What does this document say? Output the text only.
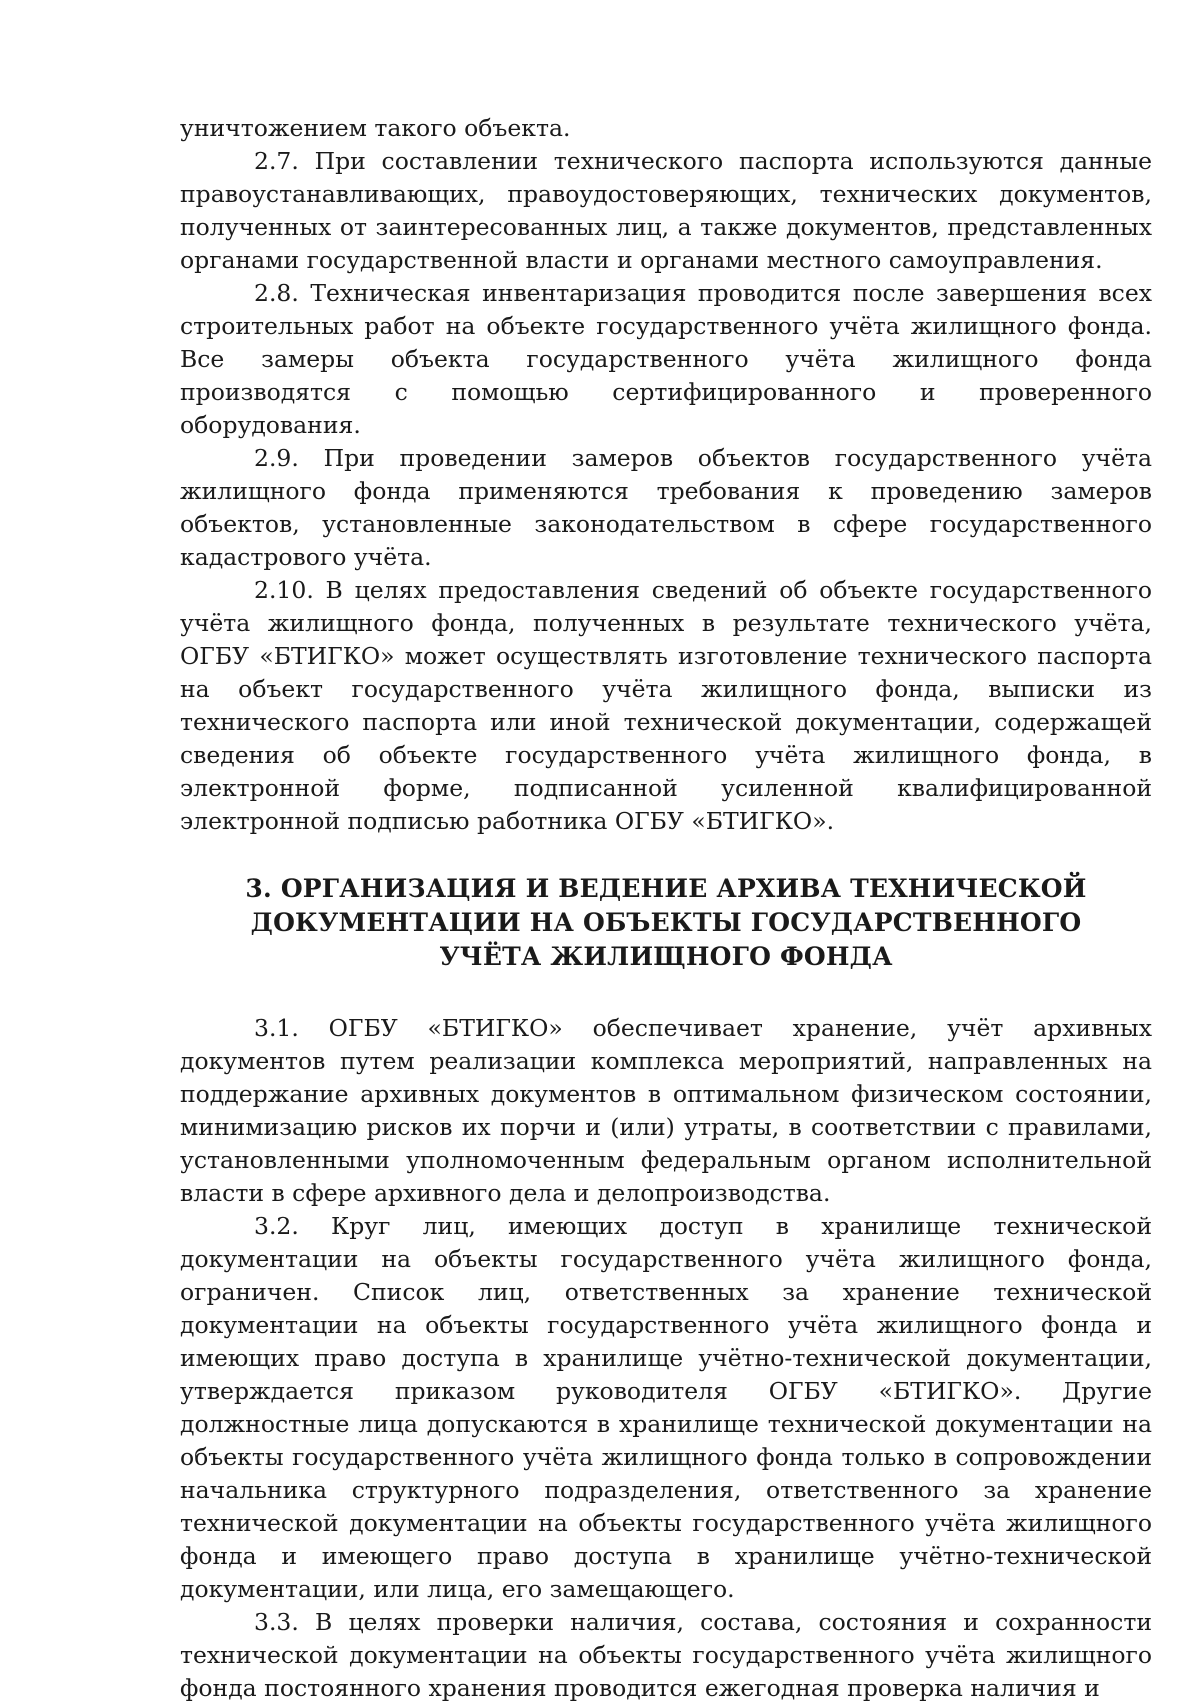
уничтожением такого объекта.

2.7. При составлении технического паспорта используются данные правоустанавливающих, правоудостоверяющих, технических документов, полученных от заинтересованных лиц, а также документов, представленных органами государственной власти и органами местного самоуправления.

2.8. Техническая инвентаризация проводится после завершения всех строительных работ на объекте государственного учёта жилищного фонда. Все замеры объекта государственного учёта жилищного фонда производятся с помощью сертифицированного и проверенного оборудования.

2.9. При проведении замеров объектов государственного учёта жилищного фонда применяются требования к проведению замеров объектов, установленные законодательством в сфере государственного кадастрового учёта.

2.10. В целях предоставления сведений об объекте государственного учёта жилищного фонда, полученных в результате технического учёта, ОГБУ «БТИГКО» может осуществлять изготовление технического паспорта на объект государственного учёта жилищного фонда, выписки из технического паспорта или иной технической документации, содержащей сведения об объекте государственного учёта жилищного фонда, в электронной форме, подписанной усиленной квалифицированной электронной подписью работника ОГБУ «БТИГКО».

3. ОРГАНИЗАЦИЯ И ВЕДЕНИЕ АРХИВА ТЕХНИЧЕСКОЙ ДОКУМЕНТАЦИИ НА ОБЪЕКТЫ ГОСУДАРСТВЕННОГО УЧЁТА ЖИЛИЩНОГО ФОНДА

3.1. ОГБУ «БТИГКО» обеспечивает хранение, учёт архивных документов путем реализации комплекса мероприятий, направленных на поддержание архивных документов в оптимальном физическом состоянии, минимизацию рисков их порчи и (или) утраты, в соответствии с правилами, установленными уполномоченным федеральным органом исполнительной власти в сфере архивного дела и делопроизводства.

3.2. Круг лиц, имеющих доступ в хранилище технической документации на объекты государственного учёта жилищного фонда, ограничен. Список лиц, ответственных за хранение технической документации на объекты государственного учёта жилищного фонда и имеющих право доступа в хранилище учётно-технической документации, утверждается приказом руководителя ОГБУ «БТИГКО». Другие должностные лица допускаются в хранилище технической документации на объекты государственного учёта жилищного фонда только в сопровождении начальника структурного подразделения, ответственного за хранение технической документации на объекты государственного учёта жилищного фонда и имеющего право доступа в хранилище учётно-технической документации, или лица, его замещающего.

3.3. В целях проверки наличия, состава, состояния и сохранности технической документации на объекты государственного учёта жилищного фонда постоянного хранения проводится ежегодная проверка наличия и
